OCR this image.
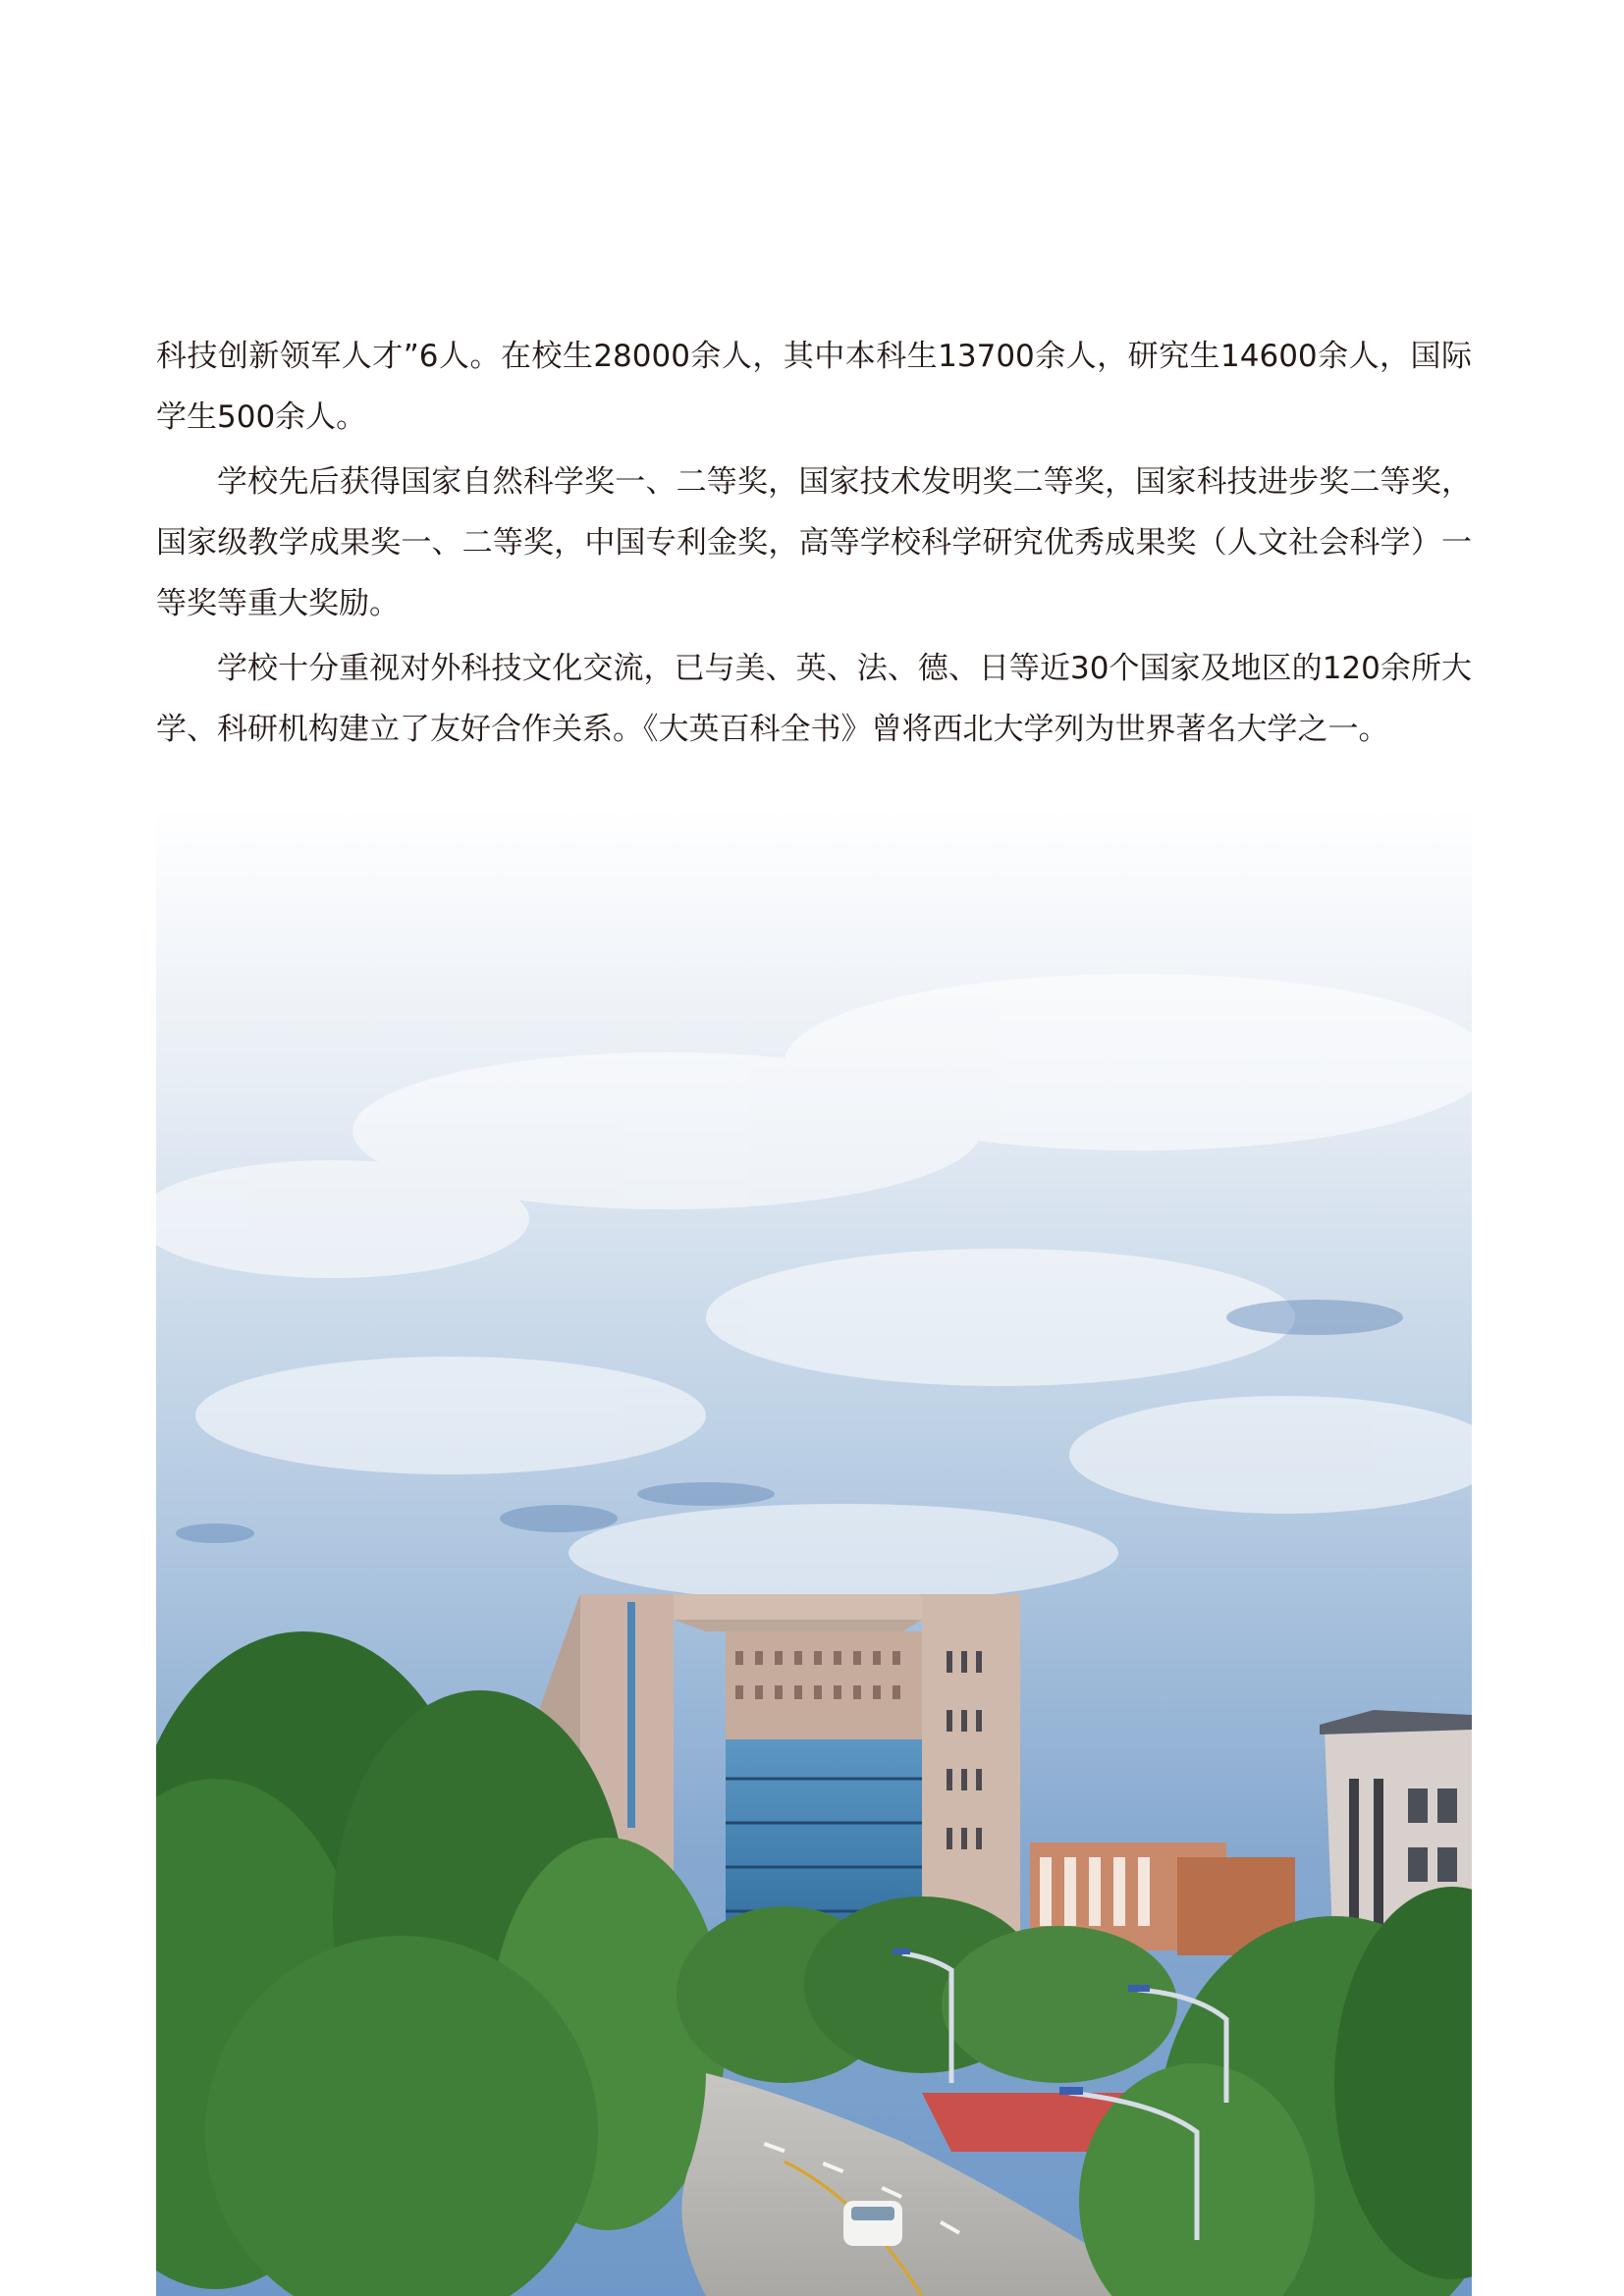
科技创新领军人才”6人。在校生28000余人，其中本科生13700余人，研究生14600余人，国际学生500余人。

学校先后获得国家自然科学奖一、二等奖，国家技术发明奖二等奖，国家科技进步奖二等奖，国家级教学成果奖一、二等奖，中国专利金奖，高等学校科学研究优秀成果奖（人文社会科学）一等奖等重大奖励。

学校十分重视对外科技文化交流，已与美、英、法、德、日等近30个国家及地区的120余所大学、科研机构建立了友好合作关系。《大英百科全书》曾将西北大学列为世界著名大学之一。
